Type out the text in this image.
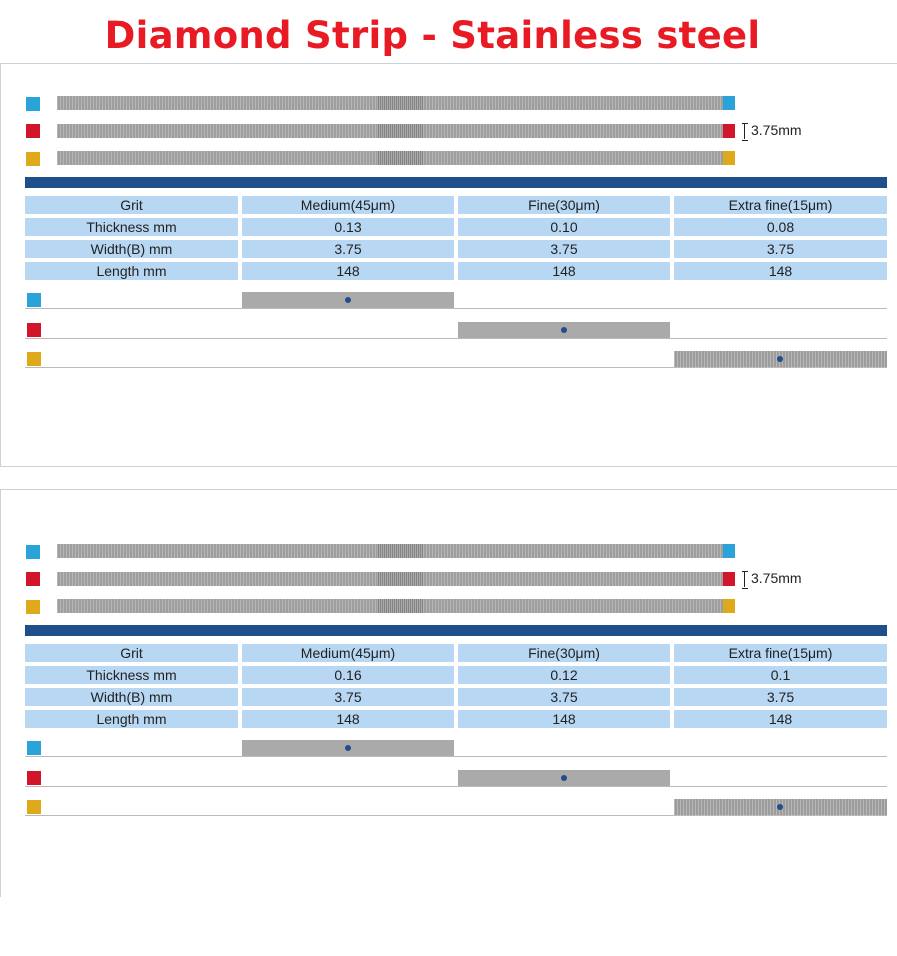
Diamond Strip - Stainless steel
3.75mm
Grit	Medium(45μm)	Fine(30μm)	Extra fine(15μm)
Thickness mm	0.13	0.10	0.08
Width(B) mm	3.75	3.75	3.75
Length mm	148	148	148
3.75mm
Grit	Medium(45μm)	Fine(30μm)	Extra fine(15μm)
Thickness mm	0.16	0.12	0.1
Width(B) mm	3.75	3.75	3.75
Length mm	148	148	148
